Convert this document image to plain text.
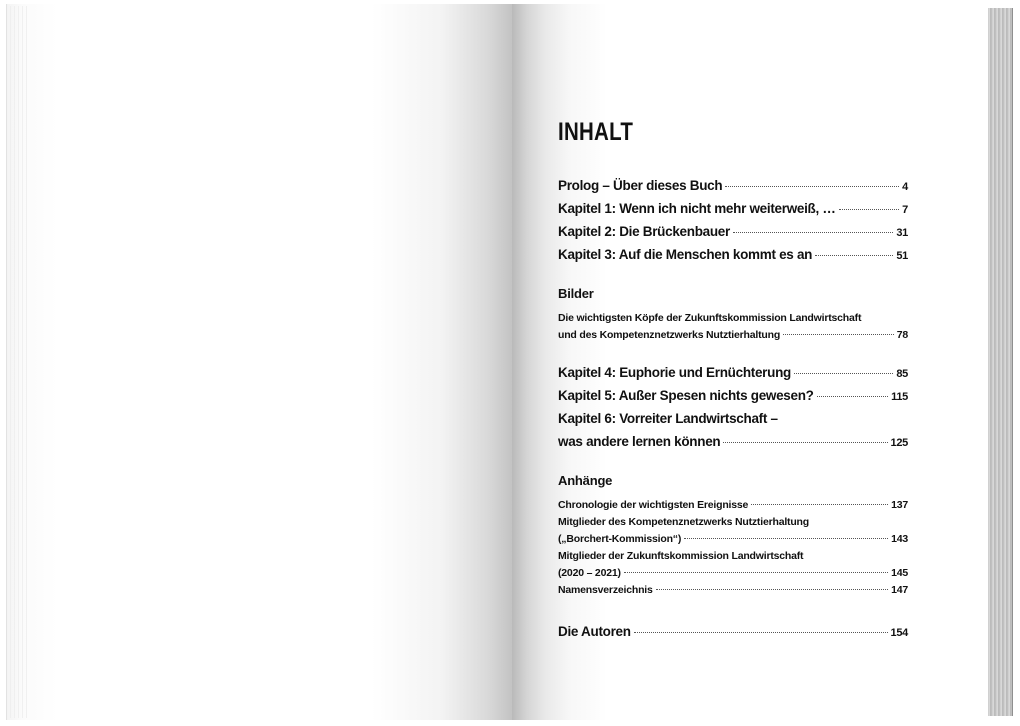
INHALT
Prolog – Über dieses Buch	4
Kapitel 1: Wenn ich nicht mehr weiterweiß, …	7
Kapitel 2: Die Brückenbauer	31
Kapitel 3: Auf die Menschen kommt es an	51
Bilder
Die wichtigsten Köpfe der Zukunftskommission Landwirtschaft
und des Kompetenznetzwerks Nutztierhaltung	78
Kapitel 4: Euphorie und Ernüchterung	85
Kapitel 5: Außer Spesen nichts gewesen?	115
Kapitel 6: Vorreiter Landwirtschaft –
was andere lernen können	125
Anhänge
Chronologie der wichtigsten Ereignisse	137
Mitglieder des Kompetenznetzwerks Nutztierhaltung
(„Borchert-Kommission“)	143
Mitglieder der Zukunftskommission Landwirtschaft
(2020 – 2021)	145
Namensverzeichnis	147
Die Autoren	154
